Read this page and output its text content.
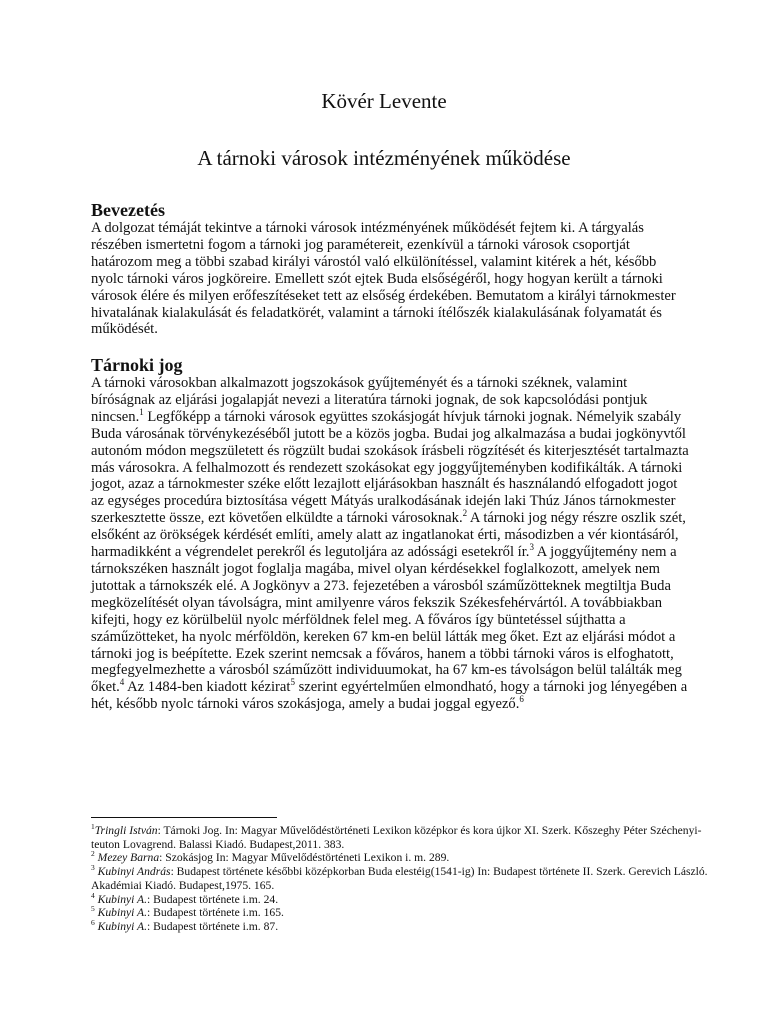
Kövér Levente
A tárnoki városok intézményének működése
Bevezetés

A dolgozat témáját tekintve a tárnoki városok intézményének működését fejtem ki. A tárgyalás részében ismertetni fogom a tárnoki jog paramétereit, ezenkívül a tárnoki városok csoportját határozom meg a többi szabad királyi várostól való elkülönítéssel, valamint kitérek a hét, később nyolc tárnoki város jogköreire. Emellett szót ejtek Buda elsőségéről, hogy hogyan került a tárnoki városok élére és milyen erőfeszítéseket tett az elsőség érdekében. Bemutatom a királyi tárnokmester hivatalának kialakulását és feladatkörét, valamint a tárnoki ítélőszék kialakulásának folyamatát és működését.

Tárnoki jog

A tárnoki városokban alkalmazott jogszokások gyűjteményét és a tárnoki széknek, valamint bíróságnak az eljárási jogalapját nevezi a literatúra tárnoki jognak, de sok kapcsolódási pontjuk nincsen.$^1$ Legfőképp a tárnoki városok együttes szokásjogát hívjuk tárnoki jognak. Némelyik szabály Buda városának törvénykezéséből jutott be a közös jogba. Budai jog alkalmazása a budai jogkönyvtől autonóm módon megszületett és rögzült budai szokások írásbeli rögzítését és kiterjesztését tartalmazta más városokra. A felhalmozott és rendezett szokásokat egy joggyűjteményben kodifikálták. A tárnoki jogot, azaz a tárnokmester széke előtt lezajlott eljárásokban használt és használandó elfogadott jogot az egységes procedúra biztosítása végett Mátyás uralkodásának idején laki Thúz János tárnokmester szerkesztette össze, ezt követően elküldte a tárnoki városoknak.$^2$ A tárnoki jog négy részre oszlik szét, elsőként az örökségek kérdését említi, amely alatt az ingatlanokat érti, másodizben a vér kiontásáról, harmadikként a végrendelet perekről és legutoljára az adóssági esetekről ír.$^3$ A joggyűjtemény nem a tárnokszéken használt jogot foglalja magába, mivel olyan kérdésekkel foglalkozott, amelyek nem jutottak a tárnokszék elé. A Jogkönyv a 273. fejezetében a városból száműzötteknek megtiltja Buda megközelítését olyan távolságra, mint amilyenre város fekszik Székesfehérvártól. A továbbiakban kifejti, hogy ez körülbelül nyolc mérföldnek felel meg. A főváros így büntetéssel sújthatta a száműzötteket, ha nyolc mérföldön, kereken 67 km-en belül látták meg őket. Ezt az eljárási módot a tárnoki jog is beépítette. Ezek szerint nemcsak a főváros, hanem a többi tárnoki város is elfoghatott, megfegyelmezhette a városból száműzött individuumokat, ha 67 km-es távolságon belül találták meg őket.$^4$ Az 1484-ben kiadott kézirat$^5$ szerint egyértelműen elmondható, hogy a tárnoki jog lényegében a hét, később nyolc tárnoki város szokásjoga, amely a budai joggal egyező.$^6$

$^1$Tringli István: Tárnoki Jog. In: Magyar Művelődéstörténeti Lexikon középkor és kora újkor XI. Szerk. Kőszeghy Péter Széchenyi-teuton Lovagrend. Balassi Kiadó. Budapest,2011. 383.

$^2$ Mezey Barna: Szokásjog In: Magyar Művelődéstörténeti Lexikon i. m. 289.

$^3$ Kubinyi András: Budapest története későbbi középkorban Buda elestéig(1541-ig) In: Budapest története II. Szerk. Gerevich László. Akadémiai Kiadó. Budapest,1975. 165.

$^4$ Kubinyi A.: Budapest története i.m. 24.

$^5$ Kubinyi A.: Budapest története i.m. 165.

$^6$ Kubinyi A.: Budapest története i.m. 87.
